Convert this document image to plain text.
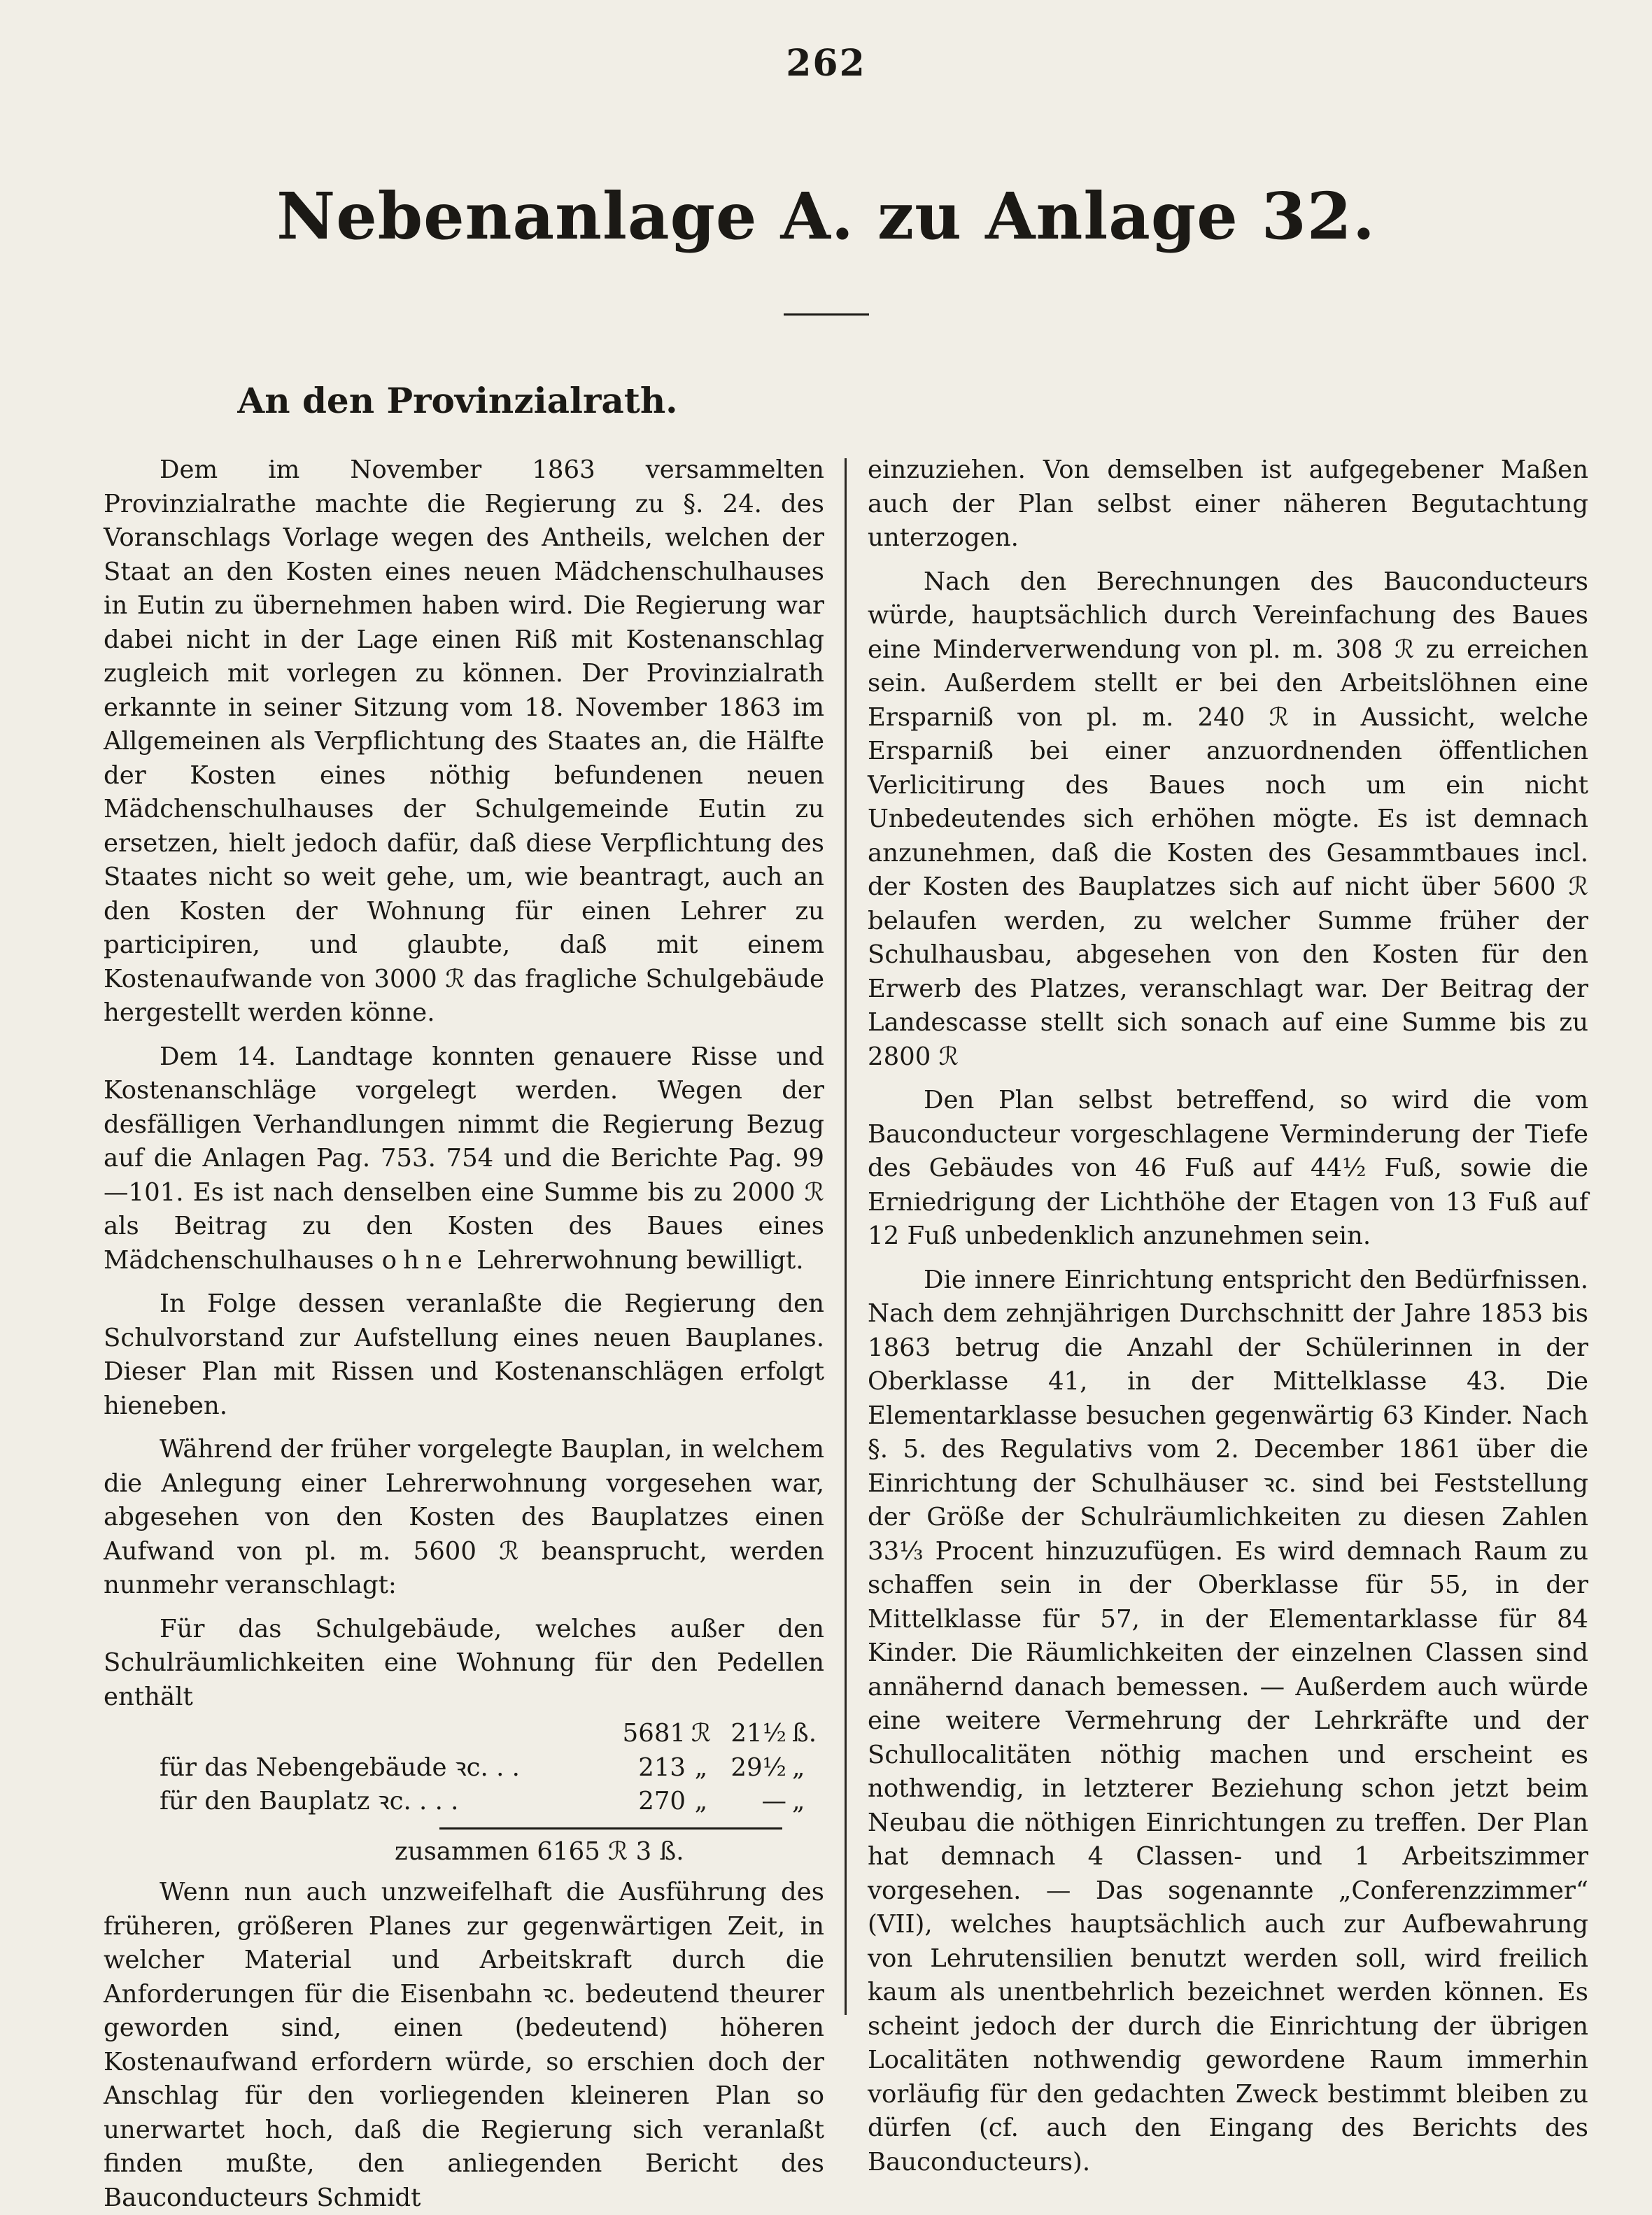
262
Nebenanlage A. zu Anlage 32.
An den Provinzialrath.

Dem im November 1863 versammelten Provinzialrathe machte die Regierung zu §. 24. des Voranschlags Vorlage wegen des Antheils, welchen der Staat an den Kosten eines neuen Mädchenschulhauses in Eutin zu übernehmen haben wird. Die Regierung war dabei nicht in der Lage einen Riß mit Kostenanschlag zugleich mit vorlegen zu können. Der Provinzialrath erkannte in seiner Sitzung vom 18. November 1863 im Allgemeinen als Verpflichtung des Staates an, die Hälfte der Kosten eines nöthig befundenen neuen Mädchenschulhauses der Schulgemeinde Eutin zu ersetzen, hielt jedoch dafür, daß diese Verpflichtung des Staates nicht so weit gehe, um, wie beantragt, auch an den Kosten der Wohnung für einen Lehrer zu participiren, und glaubte, daß mit einem Kostenaufwande von 3000 ℛ das fragliche Schulgebäude hergestellt werden könne.

Dem 14. Landtage konnten genauere Risse und Kostenanschläge vorgelegt werden. Wegen der desfälligen Verhandlungen nimmt die Regierung Bezug auf die Anlagen Pag. 753. 754 und die Berichte Pag. 99—101. Es ist nach denselben eine Summe bis zu 2000 ℛ als Beitrag zu den Kosten des Baues eines Mädchenschulhauses ohne Lehrerwohnung bewilligt.

In Folge dessen veranlaßte die Regierung den Schulvorstand zur Aufstellung eines neuen Bauplanes. Dieser Plan mit Rissen und Kostenanschlägen erfolgt hieneben.

Während der früher vorgelegte Bauplan, in welchem die Anlegung einer Lehrerwohnung vorgesehen war, abgesehen von den Kosten des Bauplatzes einen Aufwand von pl. m. 5600 ℛ beansprucht, werden nunmehr veranschlagt:

Für das Schulgebäude, welches außer den Schulräumlichkeiten eine Wohnung für den Pedellen enthält

	5681	ℛ	21½	ß.
für das Nebengebäude ꝛc. . .	213	„	29½	„
für den Bauplatz ꝛc. . . .	270	„	—	„
zusammen 6165 ℛ 3 ß.

Wenn nun auch unzweifelhaft die Ausführung des früheren, größeren Planes zur gegenwärtigen Zeit, in welcher Material und Arbeitskraft durch die Anforderungen für die Eisenbahn ꝛc. bedeutend theurer geworden sind, einen (bedeutend) höheren Kostenaufwand erfordern würde, so erschien doch der Anschlag für den vorliegenden kleineren Plan so unerwartet hoch, daß die Regierung sich veranlaßt finden mußte, den anliegenden Bericht des Bauconducteurs Schmidt

einzuziehen. Von demselben ist aufgegebener Maßen auch der Plan selbst einer näheren Begutachtung unterzogen.

Nach den Berechnungen des Bauconducteurs würde, hauptsächlich durch Vereinfachung des Baues eine Minderverwendung von pl. m. 308 ℛ zu erreichen sein. Außerdem stellt er bei den Arbeitslöhnen eine Ersparniß von pl. m. 240 ℛ in Aussicht, welche Ersparniß bei einer anzuordnenden öffentlichen Verlicitirung des Baues noch um ein nicht Unbedeutendes sich erhöhen mögte. Es ist demnach anzunehmen, daß die Kosten des Gesammtbaues incl. der Kosten des Bauplatzes sich auf nicht über 5600 ℛ belaufen werden, zu welcher Summe früher der Schulhausbau, abgesehen von den Kosten für den Erwerb des Platzes, veranschlagt war. Der Beitrag der Landescasse stellt sich sonach auf eine Summe bis zu 2800 ℛ

Den Plan selbst betreffend, so wird die vom Bauconducteur vorgeschlagene Verminderung der Tiefe des Gebäudes von 46 Fuß auf 44½ Fuß, sowie die Erniedrigung der Lichthöhe der Etagen von 13 Fuß auf 12 Fuß unbedenklich anzunehmen sein.

Die innere Einrichtung entspricht den Bedürfnissen. Nach dem zehnjährigen Durchschnitt der Jahre 1853 bis 1863 betrug die Anzahl der Schülerinnen in der Oberklasse 41, in der Mittelklasse 43. Die Elementarklasse besuchen gegenwärtig 63 Kinder. Nach §. 5. des Regulativs vom 2. December 1861 über die Einrichtung der Schulhäuser ꝛc. sind bei Feststellung der Größe der Schulräumlichkeiten zu diesen Zahlen 33⅓ Procent hinzuzufügen. Es wird demnach Raum zu schaffen sein in der Oberklasse für 55, in der Mittelklasse für 57, in der Elementarklasse für 84 Kinder. Die Räumlichkeiten der einzelnen Classen sind annähernd danach bemessen. — Außerdem auch würde eine weitere Vermehrung der Lehrkräfte und der Schullocalitäten nöthig machen und erscheint es nothwendig, in letzterer Beziehung schon jetzt beim Neubau die nöthigen Einrichtungen zu treffen. Der Plan hat demnach 4 Classen- und 1 Arbeitszimmer vorgesehen. — Das sogenannte „Conferenzzimmer“ (VII), welches hauptsächlich auch zur Aufbewahrung von Lehrutensilien benutzt werden soll, wird freilich kaum als unentbehrlich bezeichnet werden können. Es scheint jedoch der durch die Einrichtung der übrigen Localitäten nothwendig gewordene Raum immerhin vorläufig für den gedachten Zweck bestimmt bleiben zu dürfen (cf. auch den Eingang des Berichts des Bauconducteurs).
